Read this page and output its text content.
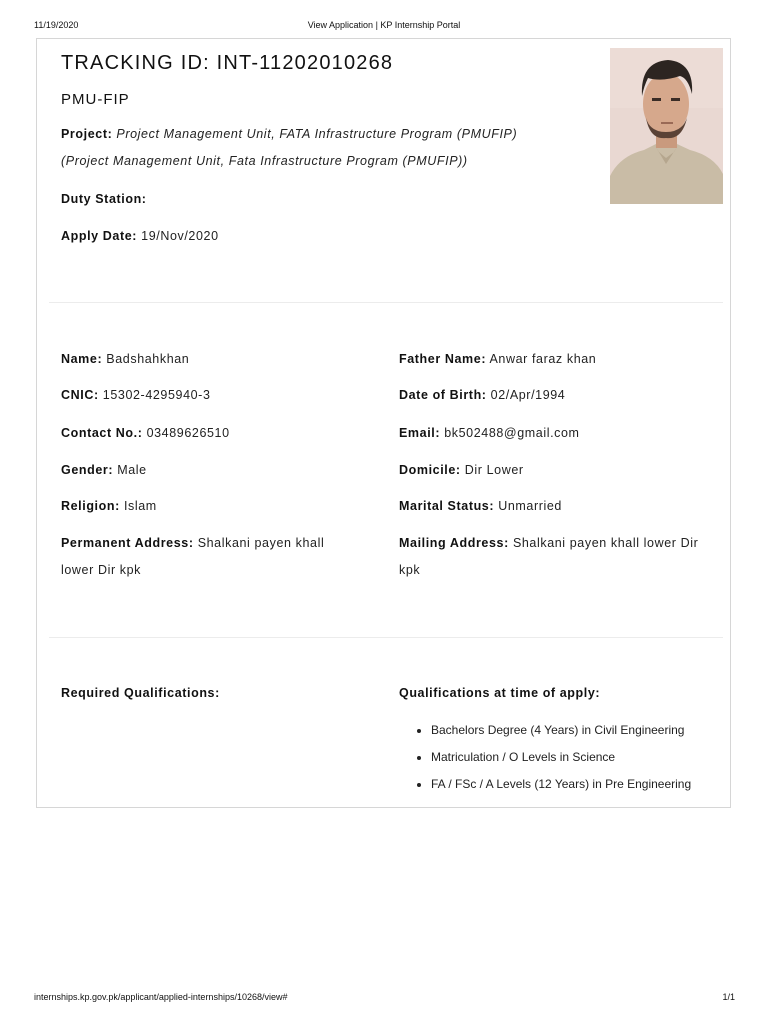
11/19/2020	View Application | KP Internship Portal
TRACKING ID: INT-11202010268
PMU-FIP
Project: Project Management Unit, FATA Infrastructure Program (PMUFIP)
(Project Management Unit, Fata Infrastructure Program (PMUFIP))
Duty Station:
Apply Date: 19/Nov/2020
Name: Badshahkhan	Father Name: Anwar faraz khan
CNIC: 15302-4295940-3	Date of Birth: 02/Apr/1994
Contact No.: 03489626510	Email: bk502488@gmail.com
Gender: Male	Domicile: Dir Lower
Religion: Islam	Marital Status: Unmarried
Permanent Address: Shalkani payen khall lower Dir kpk
Mailing Address: Shalkani payen khall lower Dir kpk
Required Qualifications:	Qualifications at time of apply:
• Bachelors Degree (4 Years) in Civil Engineering
• Matriculation / O Levels in Science
• FA / FSc / A Levels (12 Years) in Pre Engineering
internships.kp.gov.pk/applicant/applied-internships/10268/view#	1/1
